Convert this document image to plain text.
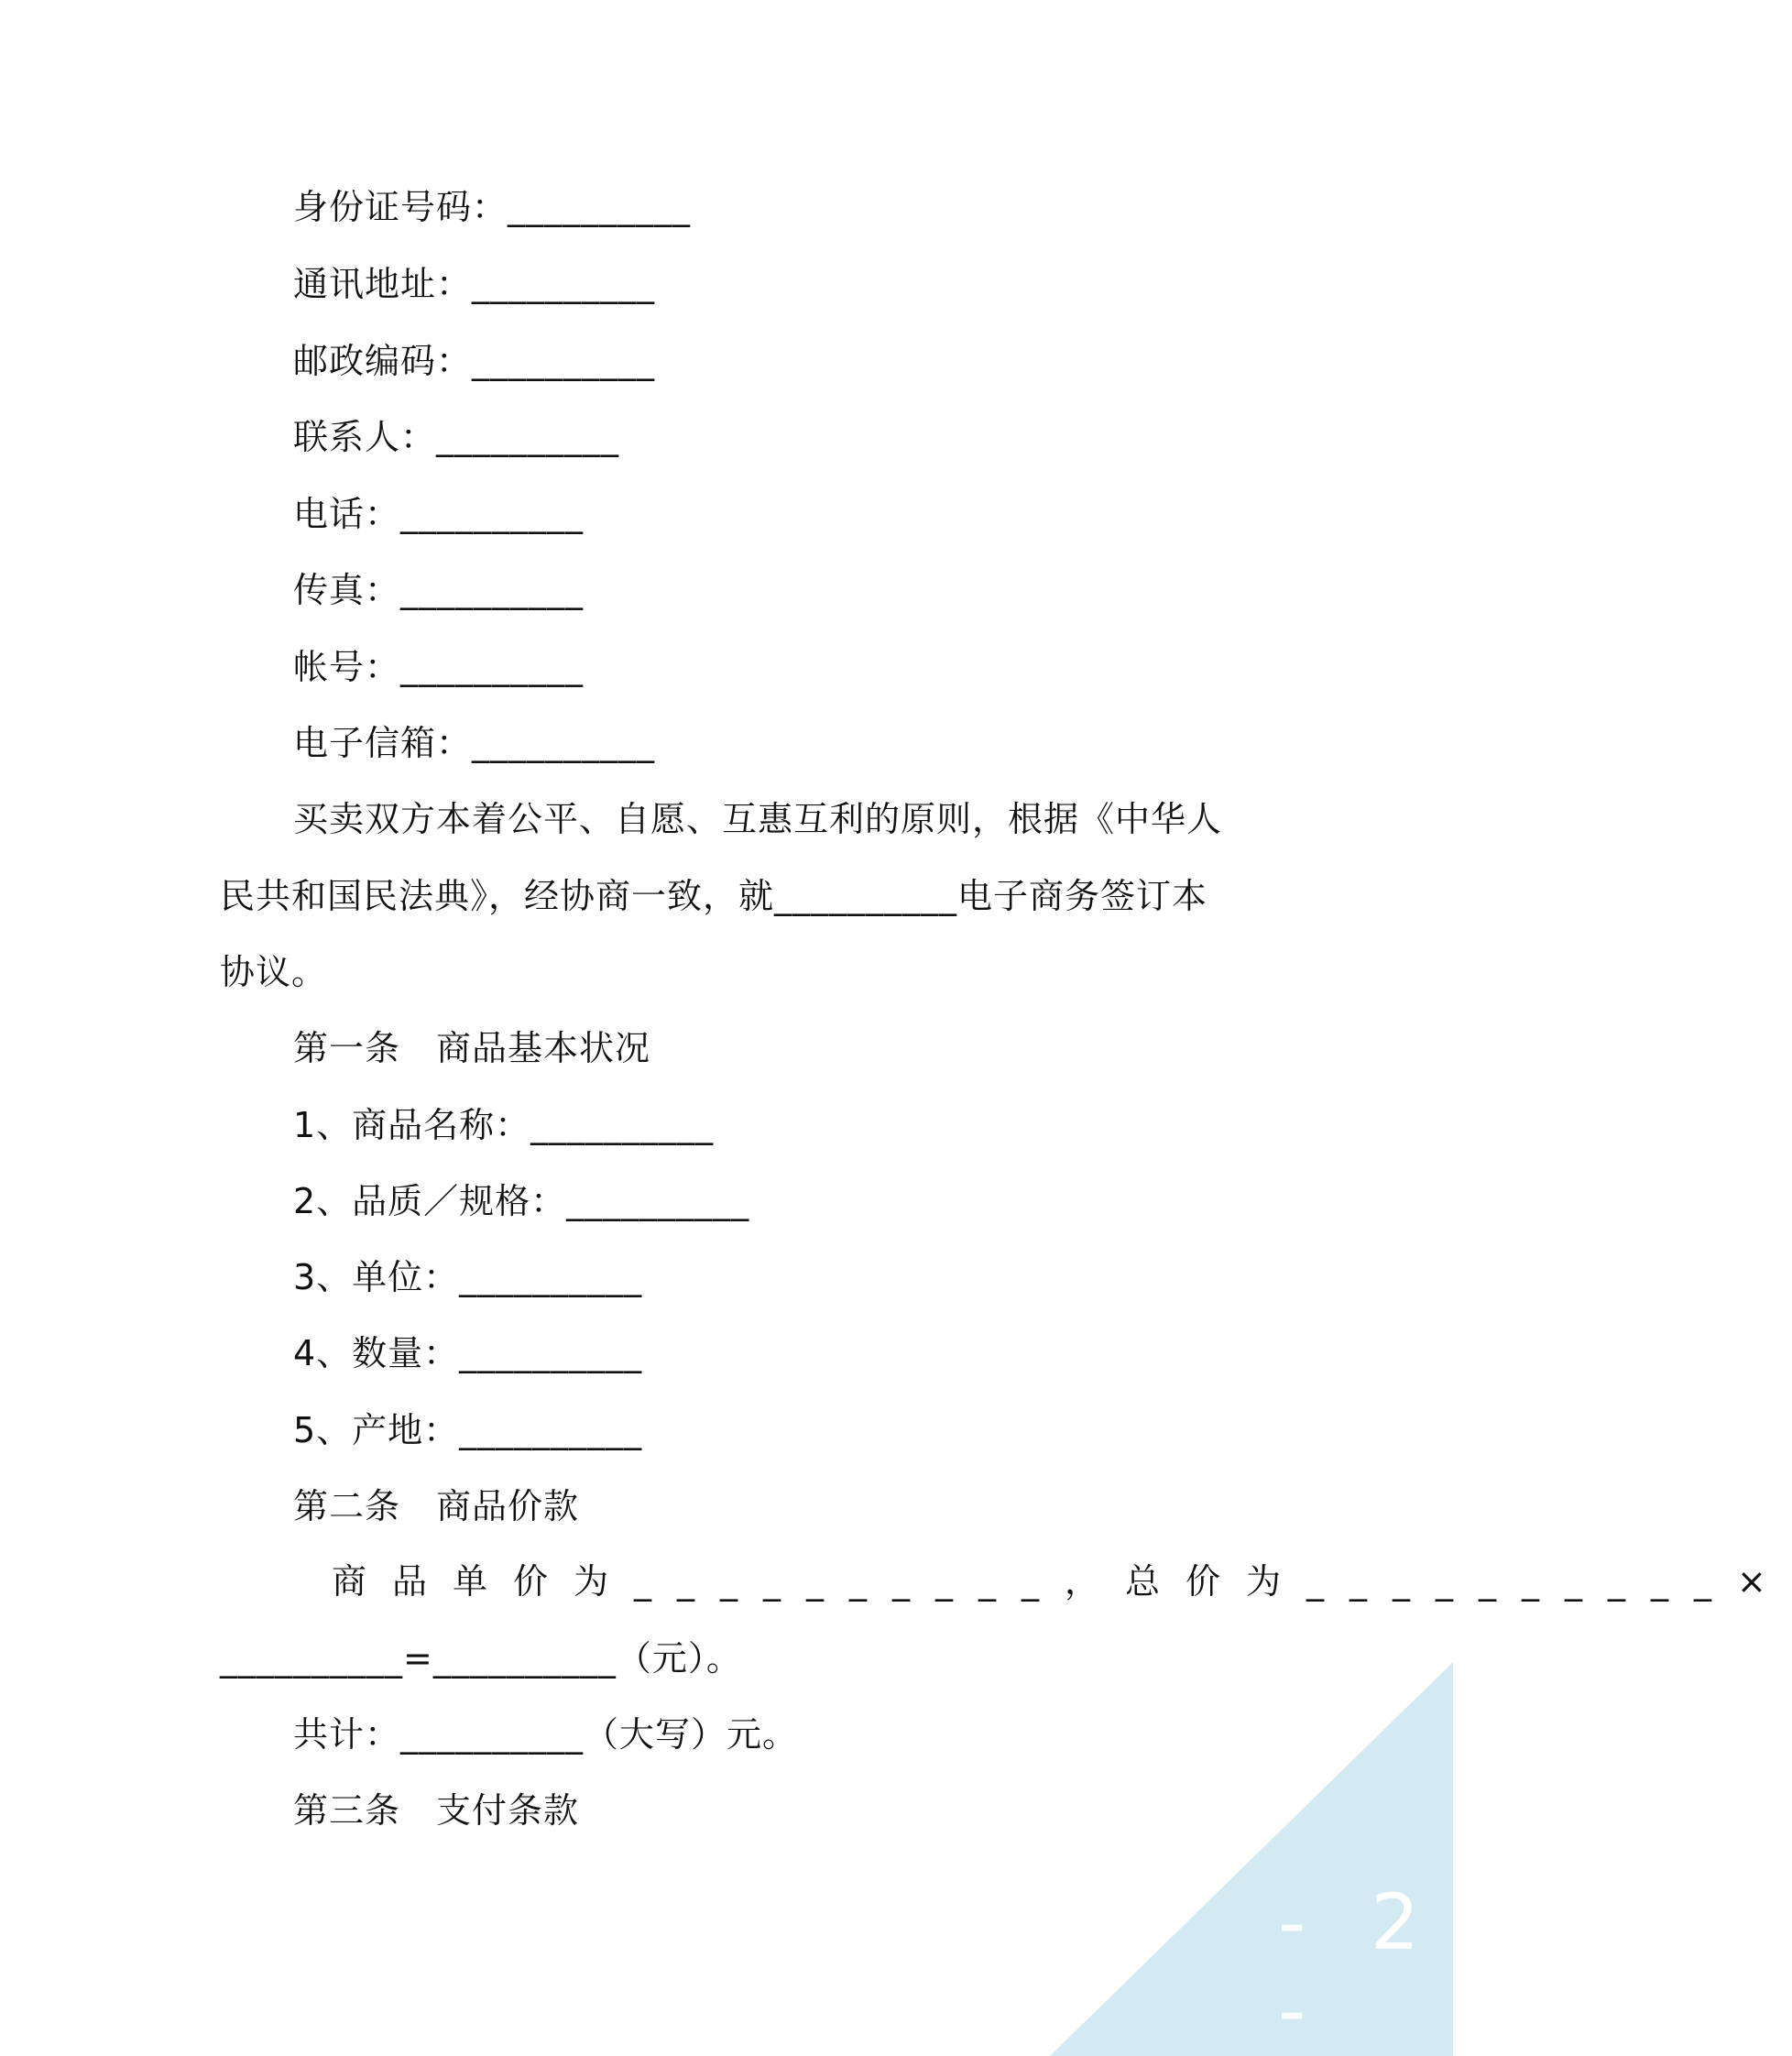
身份证号码：__________
通讯地址：__________
邮政编码：__________
联系人：__________
电话：__________
传真：__________
帐号：__________
电子信箱：__________
买卖双方本着公平、自愿、互惠互利的原则，根据《中华人
民共和国民法典》，经协商一致，就__________电子商务签订本
协议。
第一条　商品基本状况
1、商品名称：__________
2、品质／规格：__________
3、单位：__________
4、数量：__________
5、产地：__________
第二条　商品价款
商品单价为__________，总价为__________×
__________=__________（元）。
共计：__________（大写）元。
第三条　支付条款
- 2 -
